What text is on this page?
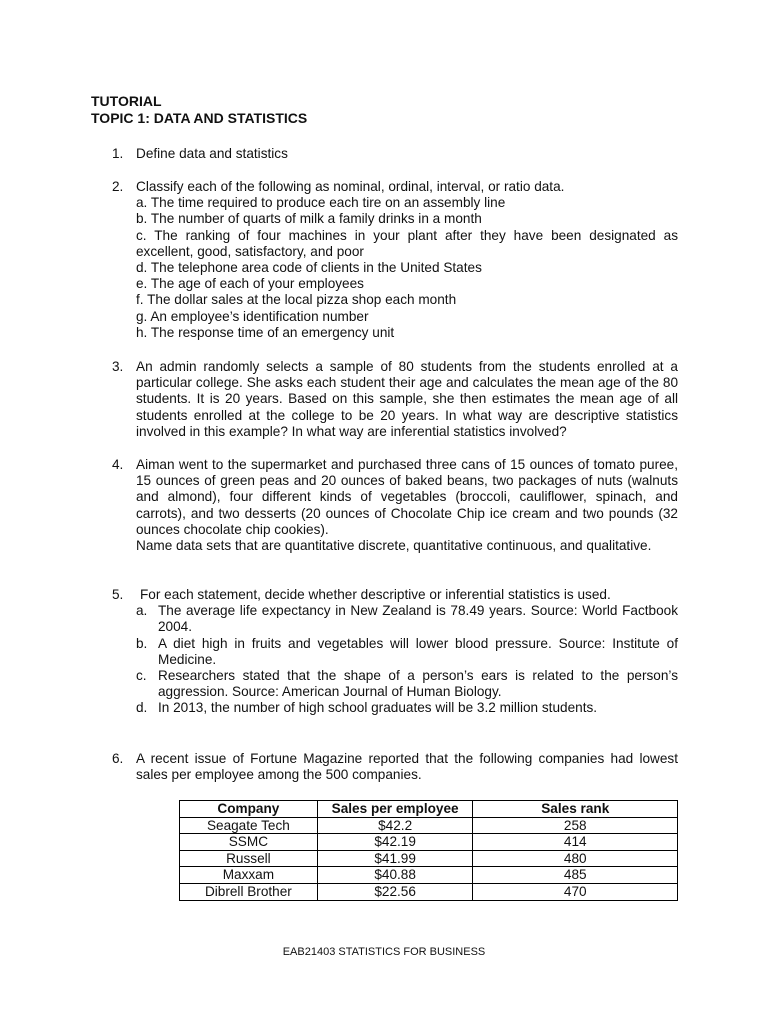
TUTORIAL
TOPIC 1: DATA AND STATISTICS
1. Define data and statistics
2. Classify each of the following as nominal, ordinal, interval, or ratio data.
a. The time required to produce each tire on an assembly line
b. The number of quarts of milk a family drinks in a month
c. The ranking of four machines in your plant after they have been designated as excellent, good, satisfactory, and poor
d. The telephone area code of clients in the United States
e. The age of each of your employees
f. The dollar sales at the local pizza shop each month
g. An employee’s identification number
h. The response time of an emergency unit
3. An admin randomly selects a sample of 80 students from the students enrolled at a particular college. She asks each student their age and calculates the mean age of the 80 students. It is 20 years. Based on this sample, she then estimates the mean age of all students enrolled at the college to be 20 years. In what way are descriptive statistics involved in this example? In what way are inferential statistics involved?
4. Aiman went to the supermarket and purchased three cans of 15 ounces of tomato puree, 15 ounces of green peas and 20 ounces of baked beans, two packages of nuts (walnuts and almond), four different kinds of vegetables (broccoli, cauliflower, spinach, and carrots), and two desserts (20 ounces of Chocolate Chip ice cream and two pounds (32 ounces chocolate chip cookies).
Name data sets that are quantitative discrete, quantitative continuous, and qualitative.
5. For each statement, decide whether descriptive or inferential statistics is used.
a. The average life expectancy in New Zealand is 78.49 years. Source: World Factbook 2004.
b. A diet high in fruits and vegetables will lower blood pressure. Source: Institute of Medicine.
c. Researchers stated that the shape of a person’s ears is related to the person’s aggression. Source: American Journal of Human Biology.
d. In 2013, the number of high school graduates will be 3.2 million students.
6. A recent issue of Fortune Magazine reported that the following companies had lowest sales per employee among the 500 companies.
Company	Sales per employee	Sales rank
Seagate Tech	$42.2	258
SSMC	$42.19	414
Russell	$41.99	480
Maxxam	$40.88	485
Dibrell Brother	$22.56	470
EAB21403 STATISTICS FOR BUSINESS
